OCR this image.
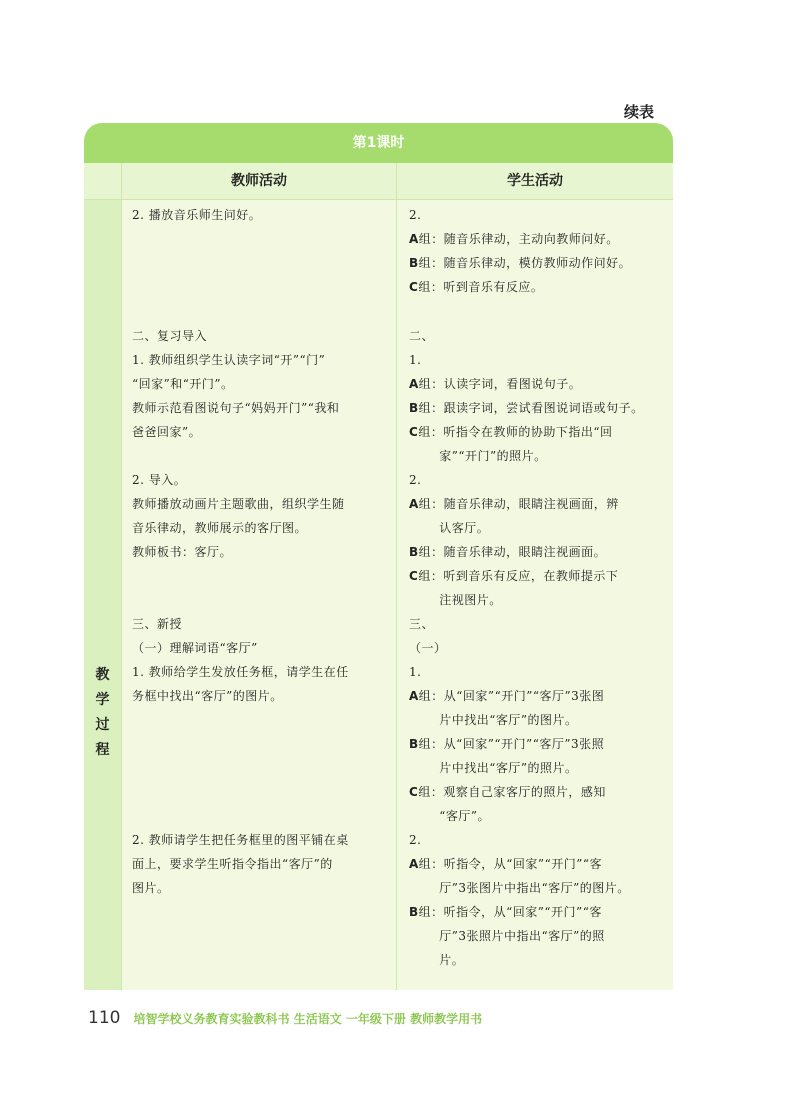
续表
第1课时
教师活动	学生活动
教
学
过
程
2. 播放音乐师生问好。	2.
A组：随音乐律动，主动向教师问好。
B组：随音乐律动，模仿教师动作问好。
C组：听到音乐有反应。
二、复习导入
1. 教师组织学生认读字词“开”“门”
“回家”和“开门”。
教师示范看图说句子“妈妈开门”“我和
爸爸回家”。
二、
1.
A组：认读字词，看图说句子。
B组：跟读字词，尝试看图说词语或句子。
C组：听指令在教师的协助下指出“回
家”“开门”的照片。
2. 导入。
教师播放动画片主题歌曲，组织学生随
音乐律动，教师展示的客厅图。
教师板书：客厅。
2.
A组：随音乐律动，眼睛注视画面，辨
认客厅。
B组：随音乐律动，眼睛注视画面。
C组：听到音乐有反应，在教师提示下
注视图片。
三、新授
（一）理解词语“客厅”
1. 教师给学生发放任务框，请学生在任
务框中找出“客厅”的图片。
三、
（一）
1.
A组：从“回家”“开门”“客厅”3张图
片中找出“客厅”的图片。
B组：从“回家”“开门”“客厅”3张照
片中找出“客厅”的照片。
C组：观察自己家客厅的照片，感知
“客厅”。
2. 教师请学生把任务框里的图平铺在桌
面上，要求学生听指令指出“客厅”的
图片。
2.
A组：听指令，从“回家”“开门”“客
厅”3张图片中指出“客厅”的图片。
B组：听指令，从“回家”“开门”“客
厅”3张照片中指出“客厅”的照
片。
110 培智学校义务教育实验教科书 生活语文 一年级下册 教师教学用书
